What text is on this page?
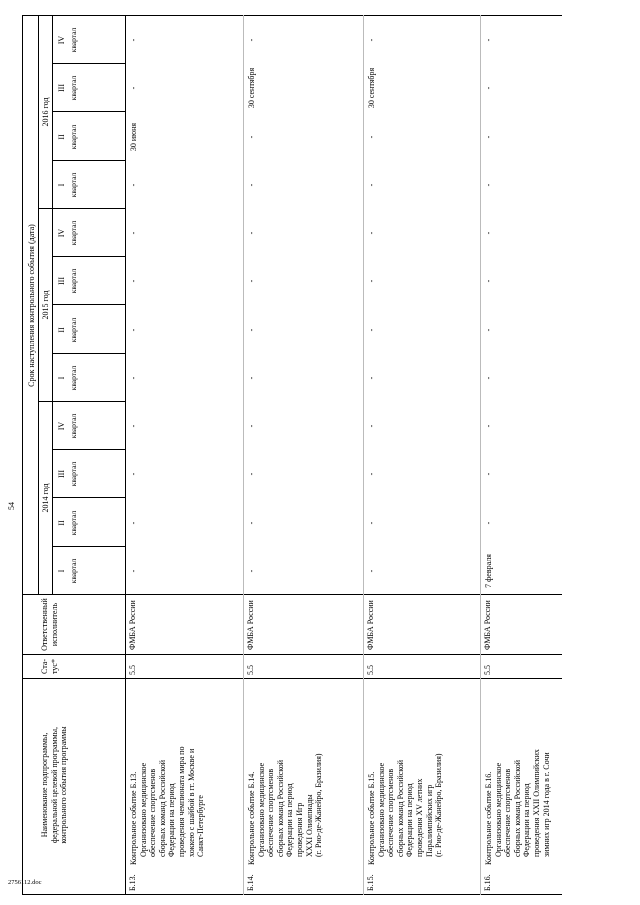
54
Наименование подпрограммы, федеральной целевой программы, контрольного события программы
Ста- тус*
Ответственный исполнитель
Срок наступления контрольного события (дата)
2014 год
2015 год
2016 год
I квартал
II квартал
III квартал
IV квартал
I квартал
II квартал
III квартал
IV квартал
I квартал
II квартал
III квартал
IV квартал
Б.13.
Контрольное событие Б.13. Организовано медицинское обеспечение спортсменов сборных команд Российской Федерации на период проведения чемпионата мира по хоккею с шайбой в гг. Москве и Санкт-Петербурге
5.5
ФМБА России
-
-
-
-
-
-
-
-
-
30 июня
-
-
Б.14.
Контрольное событие Б.14. Организовано медицинское обеспечение спортсменов сборных команд Российской Федерации на период проведения Игр XXXI Олимпиады (г. Рио-де-Жанейро, Бразилия)
5.5
ФМБА России
-
-
-
-
-
-
-
-
-
-
30 сентября
-
Б.15.
Контрольное событие Б.15. Организовано медицинское обеспечение спортсменов сборных команд Российской Федерации на период проведения XV летних Паралимпийских игр (г. Рио-де-Жанейро, Бразилия)
5.5
ФМБА России
-
-
-
-
-
-
-
-
-
-
30 сентября
-
Б.16.
Контрольное событие Б.16. Организовано медицинское обеспечение спортсменов сборных команд Российской Федерации на период проведения XXII Олимпийских зимних игр 2014 года в г. Сочи
5.5
ФМБА России
7 февраля
-
-
-
-
-
-
-
-
-
-
-
2756112.doc
